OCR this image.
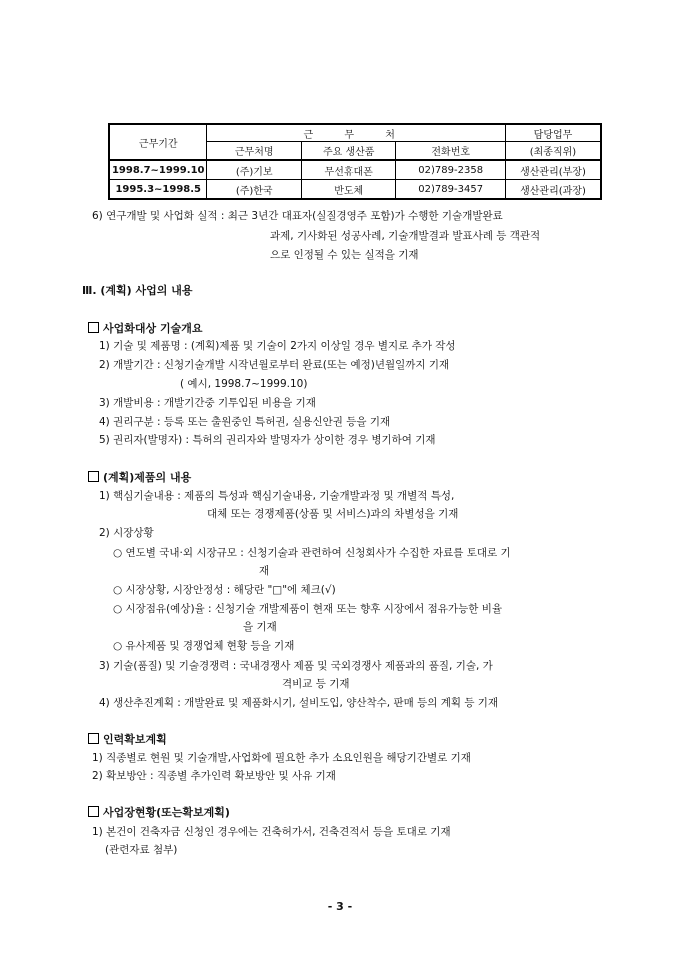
근무기간	근 무 처			담당업무
	근무처명	주요 생산품	전화번호	(최종직위)
1998.7~1999.10	(주)기보	무선휴대폰	02)789-2358	생산관리(부장)
1995.3~1998.5	(주)한국	반도체	02)789-3457	생산관리(과장)
6) 연구개발 및 사업화 실적 : 최근 3년간 대표자(실질경영주 포함)가 수행한 기술개발완료
과제, 기사화된 성공사례, 기술개발결과 발표사례 등 객관적
으로 인정될 수 있는 실적을 기재
Ⅲ. (계획) 사업의 내용
사업화대상 기술개요
1) 기술 및 제품명 : (계획)제품 및 기술이 2가지 이상일 경우 별지로 추가 작성
2) 개발기간 : 신청기술개발 시작년월로부터 완료(또는 예정)년월일까지 기재
( 예시, 1998.7~1999.10)
3) 개발비용 : 개발기간중 기투입된 비용을 기재
4) 권리구분 : 등록 또는 출원중인 특허권, 실용신안권 등을 기재
5) 권리자(발명자) : 특허의 권리자와 발명자가 상이한 경우 병기하여 기재
(계획)제품의 내용
1) 핵심기술내용 : 제품의 특성과 핵심기술내용, 기술개발과정 및 개별적 특성,
대체 또는 경쟁제품(상품 및 서비스)과의 차별성을 기재
2) 시장상황
○ 연도별 국내·외 시장규모 : 신청기술과 관련하여 신청회사가 수집한 자료를 토대로 기
재
○ 시장상황, 시장안정성 : 해당란 "□"에 체크(√)
○ 시장점유(예상)율 : 신청기술 개발제품이 현재 또는 향후 시장에서 점유가능한 비율
을 기재
○ 유사제품 및 경쟁업체 현황 등을 기재
3) 기술(품질) 및 기술경쟁력 : 국내경쟁사 제품 및 국외경쟁사 제품과의 품질, 기술, 가
격비교 등 기재
4) 생산추진계획 : 개발완료 및 제품화시기, 설비도입, 양산착수, 판매 등의 계획 등 기재
인력확보계획
1) 직종별로 현원 및 기술개발,사업화에 필요한 추가 소요인원을 해당기간별로 기재
2) 확보방안 : 직종별 추가인력 확보방안 및 사유 기재
사업장현황(또는확보계획)
1) 본건이 건축자금 신청인 경우에는 건축허가서, 건축견적서 등을 토대로 기재
(관련자료 첨부)
- 3 -
